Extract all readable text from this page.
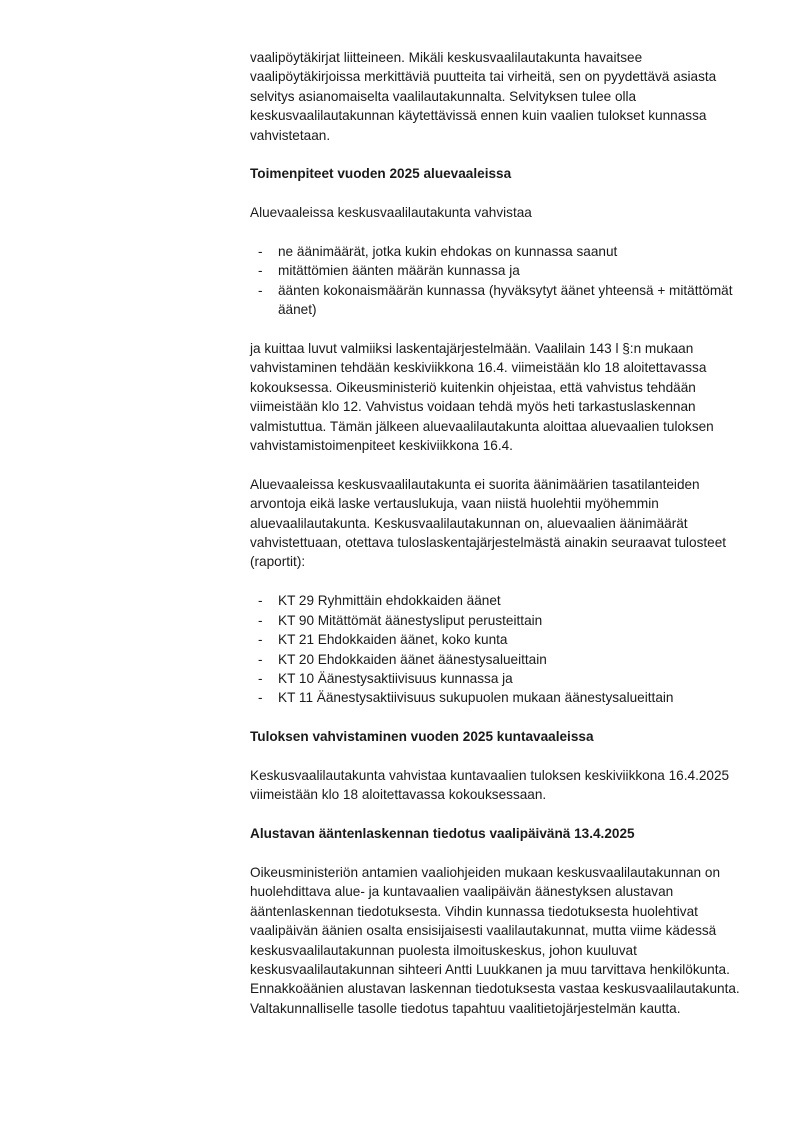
vaalipöytäkirjat liitteineen. Mikäli keskusvaalilautakunta havaitsee vaalipöytäkirjoissa merkittäviä puutteita tai virheitä, sen on pyydettävä asiasta selvitys asianomaiselta vaalilautakunnalta. Selvityksen tulee olla keskusvaalilautakunnan käytettävissä ennen kuin vaalien tulokset kunnassa vahvistetaan.

Toimenpiteet vuoden 2025 aluevaaleissa

Aluevaaleissa keskusvaalilautakunta vahvistaa

- ne äänimäärät, jotka kukin ehdokas on kunnassa saanut
- mitättömien äänten määrän kunnassa ja
- äänten kokonaismäärän kunnassa (hyväksytyt äänet yhteensä + mitättömät äänet)

ja kuittaa luvut valmiiksi laskentajärjestelmään. Vaalilain 143 l §:n mukaan vahvistaminen tehdään keskiviikkona 16.4. viimeistään klo 18 aloitettavassa kokouksessa. Oikeusministeriö kuitenkin ohjeistaa, että vahvistus tehdään viimeistään klo 12. Vahvistus voidaan tehdä myös heti tarkastuslaskennan valmistuttua. Tämän jälkeen aluevaalilautakunta aloittaa aluevaalien tuloksen vahvistamistoimenpiteet keskiviikkona 16.4.

Aluevaaleissa keskusvaalilautakunta ei suorita äänimäärien tasatilanteiden arvontoja eikä laske vertauslukuja, vaan niistä huolehtii myöhemmin aluevaalilautakunta. Keskusvaalilautakunnan on, aluevaalien äänimäärät vahvistettuaan, otettava tuloslaskentajärjestelmästä ainakin seuraavat tulosteet (raportit):

- KT 29 Ryhmittäin ehdokkaiden äänet
- KT 90 Mitättömät äänestysliput perusteittain
- KT 21 Ehdokkaiden äänet, koko kunta
- KT 20 Ehdokkaiden äänet äänestysalueittain
- KT 10 Äänestysaktiivisuus kunnassa ja
- KT 11 Äänestysaktiivisuus sukupuolen mukaan äänestysalueittain
Tuloksen vahvistaminen vuoden 2025 kuntavaaleissa

Keskusvaalilautakunta vahvistaa kuntavaalien tuloksen keskiviikkona 16.4.2025 viimeistään klo 18 aloitettavassa kokouksessaan.

Alustavan ääntenlaskennan tiedotus vaalipäivänä 13.4.2025

Oikeusministeriön antamien vaaliohjeiden mukaan keskusvaalilautakunnan on huolehdittava alue- ja kuntavaalien vaalipäivän äänestyksen alustavan ääntenlaskennan tiedotuksesta. Vihdin kunnassa tiedotuksesta huolehtivat vaalipäivän äänien osalta ensisijaisesti vaalilautakunnat, mutta viime kädessä keskusvaalilautakunnan puolesta ilmoituskeskus, johon kuuluvat keskusvaalilautakunnan sihteeri Antti Luukkanen ja muu tarvittava henkilökunta. Ennakkoäänien alustavan laskennan tiedotuksesta vastaa keskusvaalilautakunta. Valtakunnalliselle tasolle tiedotus tapahtuu vaalitietojärjestelmän kautta.
